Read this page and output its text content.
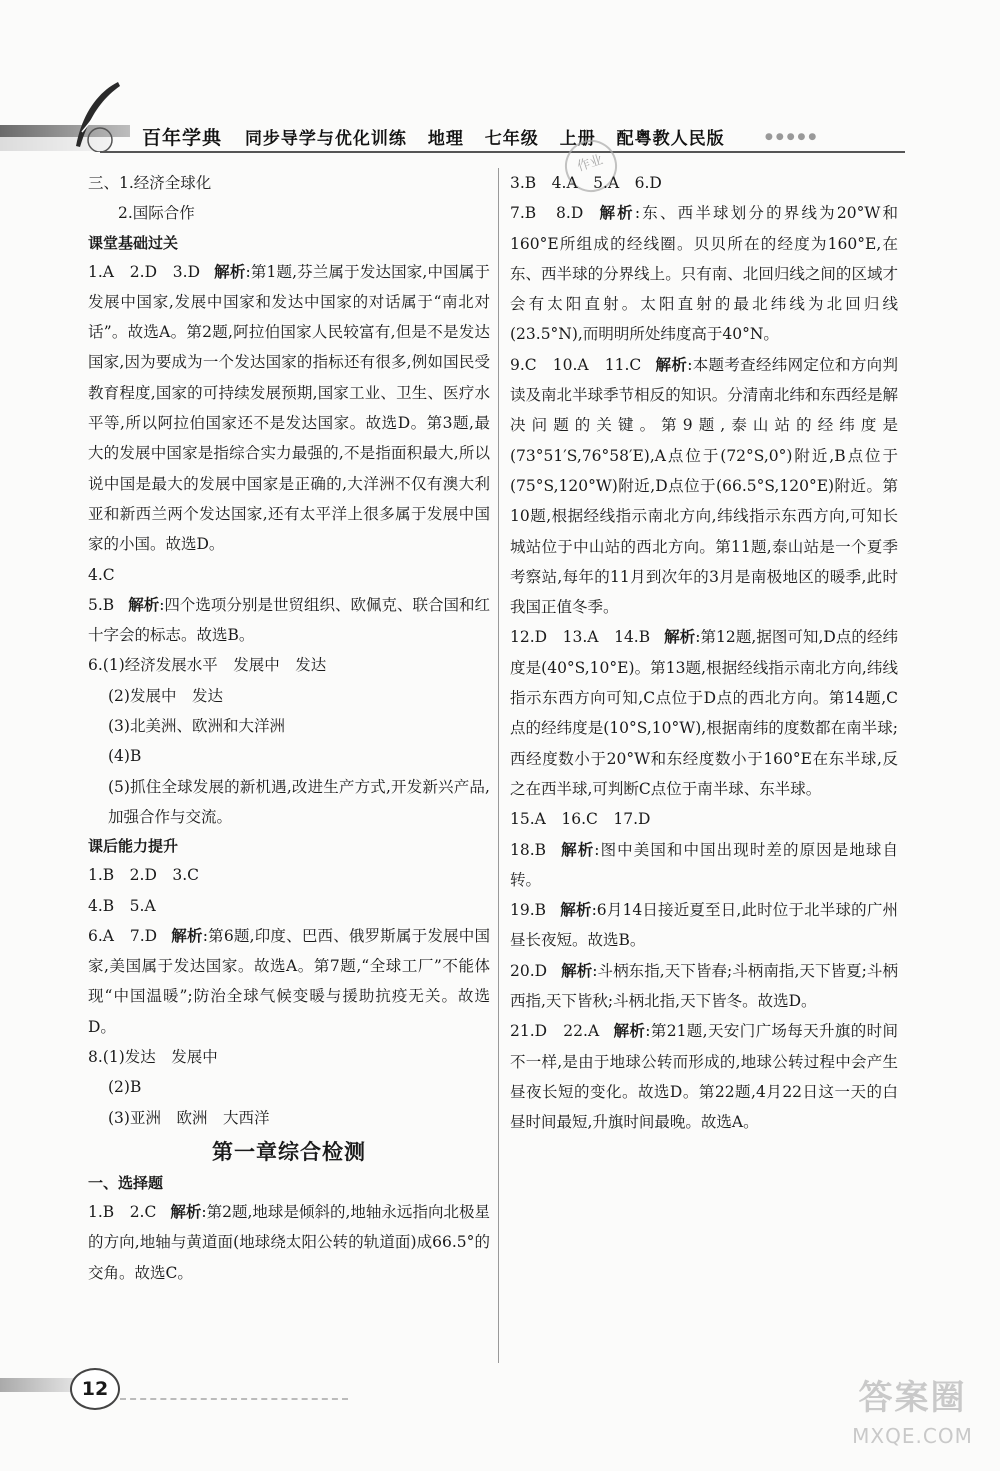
百年学典 同步导学与优化训练 地理 七年级 上册 配粤教人民版	●●●●●
作业

三、1.经济全球化

2.国际合作

课堂基础过关

1.A　2.D　3.D 解析:第1题,芬兰属于发达国家,中国属于发展中国家,发展中国家和发达中国家的对话属于“南北对话”。故选A。第2题,阿拉伯国家人民较富有,但是不是发达国家,因为要成为一个发达国家的指标还有很多,例如国民受教育程度,国家的可持续发展预期,国家工业、卫生、医疗水平等,所以阿拉伯国家还不是发达国家。故选D。第3题,最大的发展中国家是指综合实力最强的,不是指面积最大,所以说中国是最大的发展中国家是正确的,大洋洲不仅有澳大利亚和新西兰两个发达国家,还有太平洋上很多属于发展中国家的小国。故选D。

4.C

5.B 解析:四个选项分别是世贸组织、欧佩克、联合国和红十字会的标志。故选B。

6.(1)经济发展水平　发展中　发达

(2)发展中　发达

(3)北美洲、欧洲和大洋洲

(4)B

(5)抓住全球发展的新机遇,改进生产方式,开发新兴产品,加强合作与交流。

课后能力提升

1.B　2.D　3.C

4.B　5.A

6.A　7.D 解析:第6题,印度、巴西、俄罗斯属于发展中国家,美国属于发达国家。故选A。第7题,“全球工厂”不能体现“中国温暖”;防治全球气候变暖与援助抗疫无关。故选D。

8.(1)发达　发展中

(2)B

(3)亚洲　欧洲　大西洋

第一章综合检测

一、选择题

1.B　2.C 解析:第2题,地球是倾斜的,地轴永远指向北极星的方向,地轴与黄道面(地球绕太阳公转的轨道面)成66.5°的交角。故选C。

3.B　4.A　5.A　6.D

7.B　8.D 解析:东、西半球划分的界线为20°W和160°E所组成的经线圈。贝贝所在的经度为160°E,在东、西半球的分界线上。只有南、北回归线之间的区域才会有太阳直射。太阳直射的最北纬线为北回归线(23.5°N),而明明所处纬度高于40°N。

9.C　10.A　11.C 解析:本题考查经纬网定位和方向判读及南北半球季节相反的知识。分清南北纬和东西经是解决问题的关键。第9题,泰山站的经纬度是(73°51′S,76°58′E),A点位于(72°S,0°)附近,B点位于(75°S,120°W)附近,D点位于(66.5°S,120°E)附近。第10题,根据经线指示南北方向,纬线指示东西方向,可知长城站位于中山站的西北方向。第11题,泰山站是一个夏季考察站,每年的11月到次年的3月是南极地区的暖季,此时我国正值冬季。

12.D　13.A　14.B 解析:第12题,据图可知,D点的经纬度是(40°S,10°E)。第13题,根据经线指示南北方向,纬线指示东西方向可知,C点位于D点的西北方向。第14题,C点的经纬度是(10°S,10°W),根据南纬的度数都在南半球;西经度数小于20°W和东经度数小于160°E在东半球,反之在西半球,可判断C点位于南半球、东半球。

15.A　16.C　17.D

18.B 解析:图中美国和中国出现时差的原因是地球自转。

19.B 解析:6月14日接近夏至日,此时位于北半球的广州昼长夜短。故选B。

20.D 解析:斗柄东指,天下皆春;斗柄南指,天下皆夏;斗柄西指,天下皆秋;斗柄北指,天下皆冬。故选D。

21.D　22.A 解析:第21题,天安门广场每天升旗的时间不一样,是由于地球公转而形成的,地球公转过程中会产生昼夜长短的变化。故选D。第22题,4月22日这一天的白昼时间最短,升旗时间最晚。故选A。

12	答案圈
MXQE.COM
